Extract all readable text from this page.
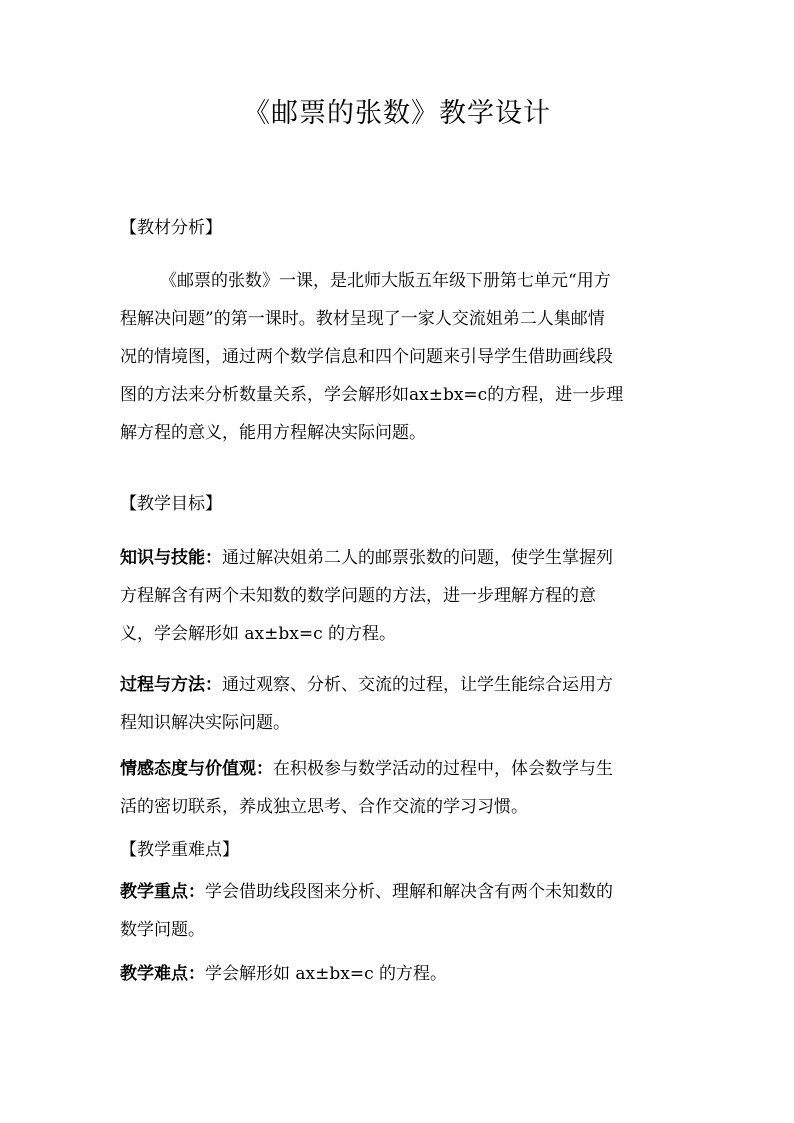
《邮票的张数》教学设计
【教材分析】
《邮票的张数》一课，是北师大版五年级下册第七单元“用方
程解决问题”的第一课时。教材呈现了一家人交流姐弟二人集邮情
况的情境图，通过两个数学信息和四个问题来引导学生借助画线段
图的方法来分析数量关系，学会解形如ax±bx=c的方程，进一步理
解方程的意义，能用方程解决实际问题。
【教学目标】
知识与技能：通过解决姐弟二人的邮票张数的问题，使学生掌握列
方程解含有两个未知数的数学问题的方法，进一步理解方程的意
义，学会解形如 ax±bx=c 的方程。
过程与方法：通过观察、分析、交流的过程，让学生能综合运用方
程知识解决实际问题。
情感态度与价值观：在积极参与数学活动的过程中，体会数学与生
活的密切联系，养成独立思考、合作交流的学习习惯。
【教学重难点】
教学重点：学会借助线段图来分析、理解和解决含有两个未知数的
数学问题。
教学难点：学会解形如 ax±bx=c 的方程。
